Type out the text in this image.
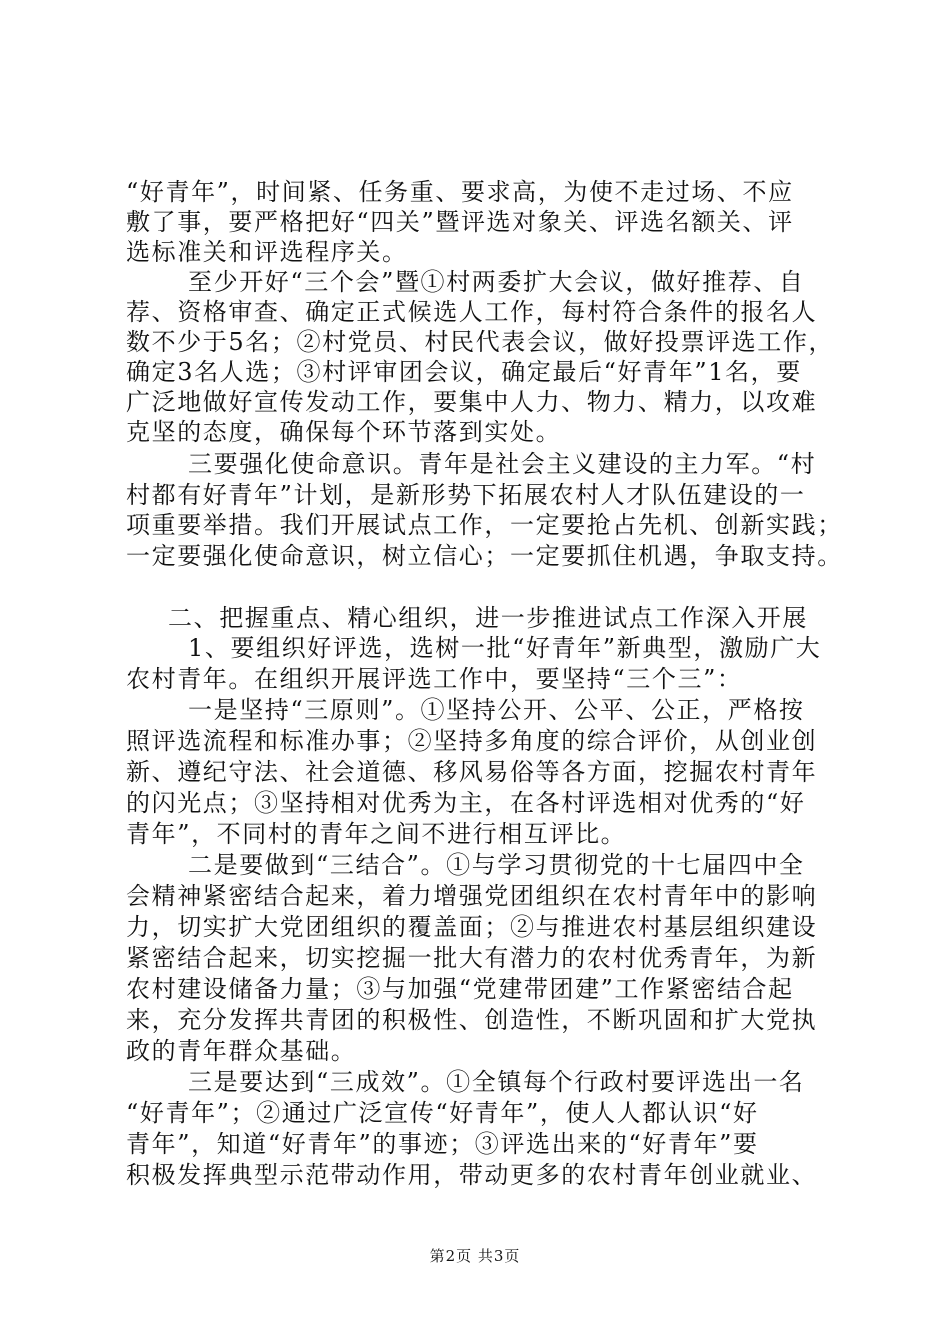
“好青年”，时间紧、任务重、要求高，为使不走过场、不应
敷了事，要严格把好“四关”暨评选对象关、评选名额关、评
选标准关和评选程序关。
至少开好“三个会”暨①村两委扩大会议，做好推荐、自
荐、资格审查、确定正式候选人工作，每村符合条件的报名人
数不少于5名；②村党员、村民代表会议，做好投票评选工作，
确定3名人选；③村评审团会议，确定最后“好青年”1名，要
广泛地做好宣传发动工作，要集中人力、物力、精力，以攻难
克坚的态度，确保每个环节落到实处。
三要强化使命意识。青年是社会主义建设的主力军。“村
村都有好青年”计划，是新形势下拓展农村人才队伍建设的一
项重要举措。我们开展试点工作，一定要抢占先机、创新实践；
一定要强化使命意识，树立信心；一定要抓住机遇，争取支持。
二、把握重点、精心组织，进一步推进试点工作深入开展
1、要组织好评选，选树一批“好青年”新典型，激励广大
农村青年。在组织开展评选工作中，要坚持“三个三”：
一是坚持“三原则”。①坚持公开、公平、公正，严格按
照评选流程和标准办事；②坚持多角度的综合评价，从创业创
新、遵纪守法、社会道德、移风易俗等各方面，挖掘农村青年
的闪光点；③坚持相对优秀为主，在各村评选相对优秀的“好
青年”，不同村的青年之间不进行相互评比。
二是要做到“三结合”。①与学习贯彻党的十七届四中全
会精神紧密结合起来，着力增强党团组织在农村青年中的影响
力，切实扩大党团组织的覆盖面；②与推进农村基层组织建设
紧密结合起来，切实挖掘一批大有潜力的农村优秀青年，为新
农村建设储备力量；③与加强“党建带团建”工作紧密结合起
来，充分发挥共青团的积极性、创造性，不断巩固和扩大党执
政的青年群众基础。
三是要达到“三成效”。①全镇每个行政村要评选出一名
“好青年”；②通过广泛宣传“好青年”，使人人都认识“好
青年”，知道“好青年”的事迹；③评选出来的“好青年”要
积极发挥典型示范带动作用，带动更多的农村青年创业就业、
第2页 共3页
